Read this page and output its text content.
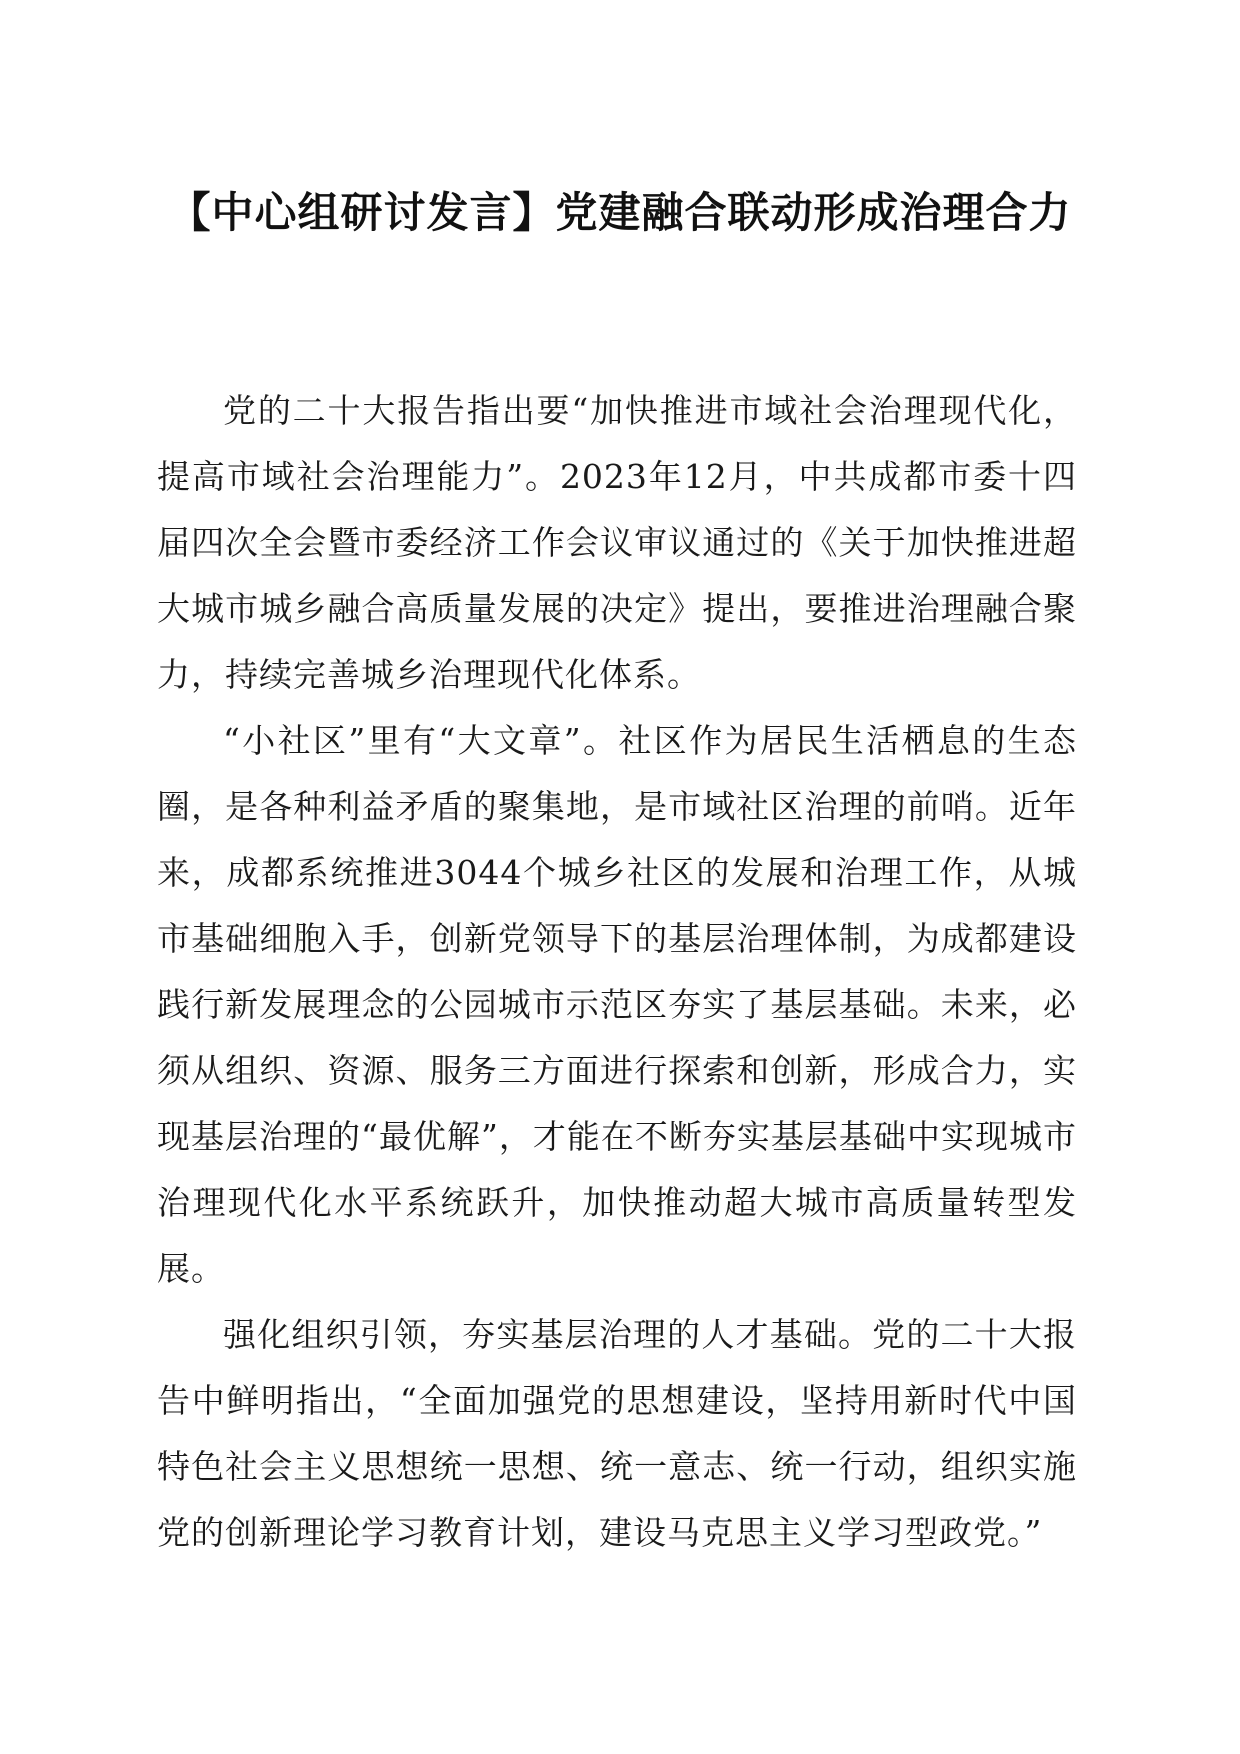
【中心组研讨发言】党建融合联动形成治理合力

党的二十大报告指出要“加快推进市域社会治理现代化，提高市域社会治理能力”。2023年12月，中共成都市委十四届四次全会暨市委经济工作会议审议通过的《关于加快推进超大城市城乡融合高质量发展的决定》提出，要推进治理融合聚力，持续完善城乡治理现代化体系。

“小社区”里有“大文章”。社区作为居民生活栖息的生态圈，是各种利益矛盾的聚集地，是市域社区治理的前哨。近年来，成都系统推进3044个城乡社区的发展和治理工作，从城市基础细胞入手，创新党领导下的基层治理体制，为成都建设践行新发展理念的公园城市示范区夯实了基层基础。未来，必须从组织、资源、服务三方面进行探索和创新，形成合力，实现基层治理的“最优解”，才能在不断夯实基层基础中实现城市治理现代化水平系统跃升，加快推动超大城市高质量转型发展。

强化组织引领，夯实基层治理的人才基础。党的二十大报告中鲜明指出，“全面加强党的思想建设，坚持用新时代中国特色社会主义思想统一思想、统一意志、统一行动，组织实施党的创新理论学习教育计划，建设马克思主义学习型政党。”
